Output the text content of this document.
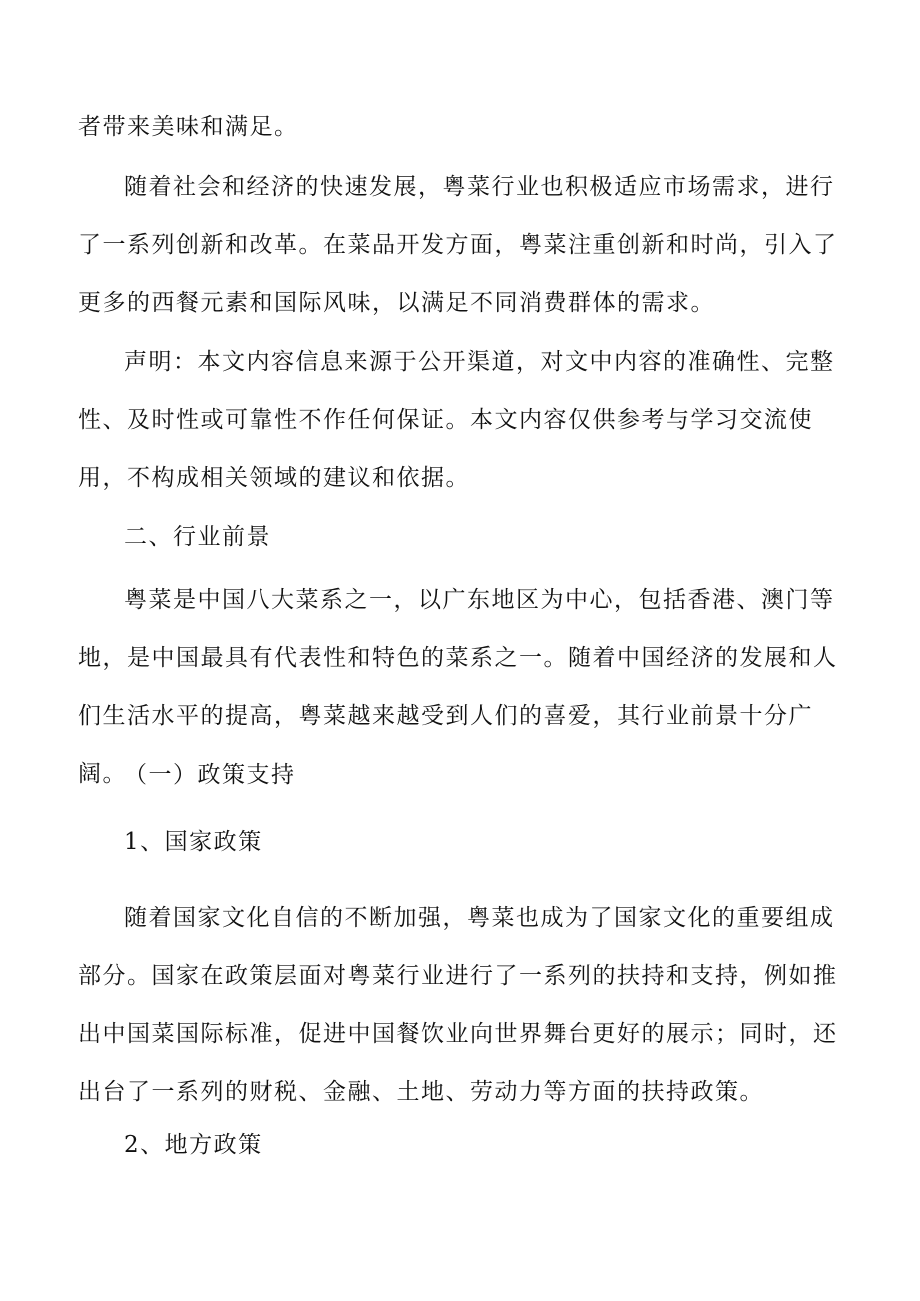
者带来美味和满足。

随着社会和经济的快速发展，粤菜行业也积极适应市场需求，进行了一系列创新和改革。在菜品开发方面，粤菜注重创新和时尚，引入了更多的西餐元素和国际风味，以满足不同消费群体的需求。

声明：本文内容信息来源于公开渠道，对文中内容的准确性、完整性、及时性或可靠性不作任何保证。本文内容仅供参考与学习交流使用，不构成相关领域的建议和依据。

二、行业前景

粤菜是中国八大菜系之一，以广东地区为中心，包括香港、澳门等地，是中国最具有代表性和特色的菜系之一。随着中国经济的发展和人们生活水平的提高，粤菜越来越受到人们的喜爱，其行业前景十分广阔。

（一）政策支持

1、国家政策

随着国家文化自信的不断加强，粤菜也成为了国家文化的重要组成部分。国家在政策层面对粤菜行业进行了一系列的扶持和支持，例如推出中国菜国际标准，促进中国餐饮业向世界舞台更好的展示；同时，还出台了一系列的财税、金融、土地、劳动力等方面的扶持政策。

2、地方政策
